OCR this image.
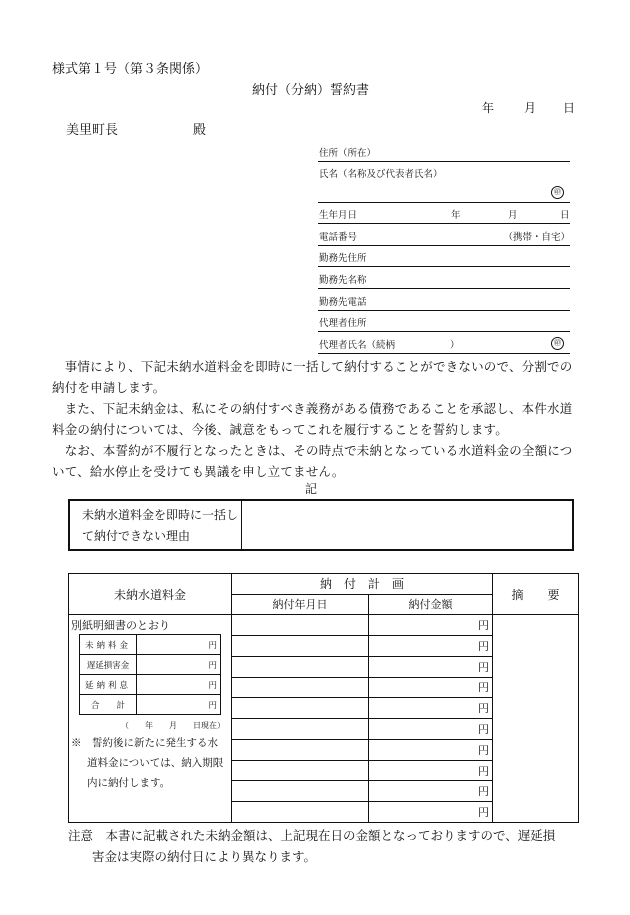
様式第１号（第３条関係）
納付（分納）誓約書
年 月 日
美里町長	殿
住所（所在）
氏名（名称及び代表者氏名）
㊞
生年月日	年	月	日
電話番号	（携帯・自宅）
勤務先住所
勤務先名称
勤務先電話
代理者住所
代理者氏名（続柄	）	㊞
　事情により、下記未納水道料金を即時に一括して納付することができないので、分割での納付を申請します。
　また、下記未納金は、私にその納付すべき義務がある債務であることを承認し、本件水道料金の納付については、今後、誠意をもってこれを履行することを誓約します。
　なお、本誓約が不履行となったときは、その時点で未納となっている水道料金の全額について、給水停止を受けても異議を申し立てません。
記
未納水道料金を即時に一括して納付できない理由
未納水道料金	納　付　計　画	摘　　要
納付年月日	納付金額

別紙明細書のとおり
未納料金	円
遅延損害金	円
延納利息	円
合　　計	円
（　　年　　月　　日現在）
※　 誓約後に新たに発生する水
道料金については、納入期限
内に納付します。
		円	
	円
	円
	円
	円
	円
	円
	円
	円
	円
注意　 本書に記載された未納金額は、上記現在日の金額となっておりますので、遅延損
害金は実際の納付日により異なります。
